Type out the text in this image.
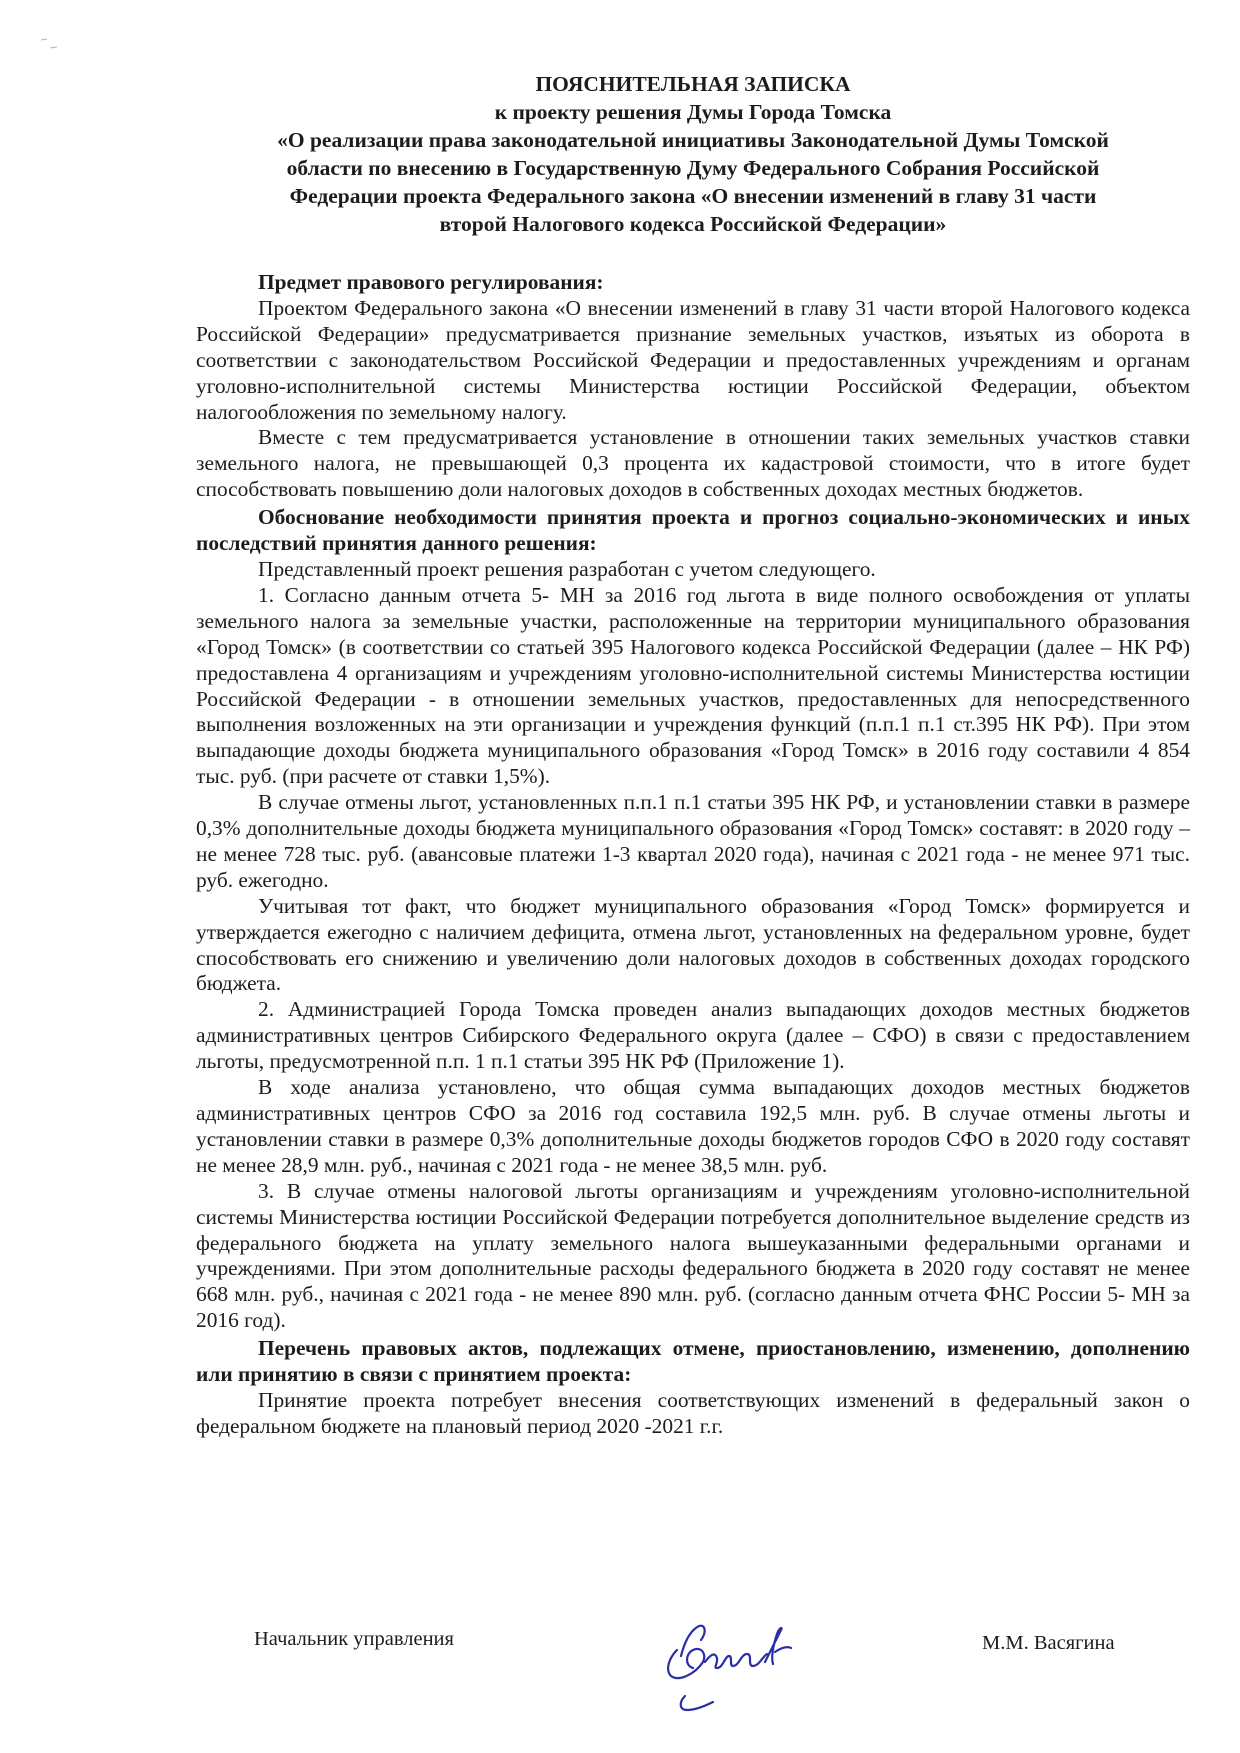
ПОЯСНИТЕЛЬНАЯ ЗАПИСКА
к проекту решения Думы Города Томска
«О реализации права законодательной инициативы Законодательной Думы Томской
области по внесению в Государственную Думу Федерального Собрания Российской
Федерации проекта Федерального закона «О внесении изменений в главу 31 части
второй Налогового кодекса Российской Федерации»

Предмет правового регулирования:

Проектом Федерального закона «О внесении изменений в главу 31 части второй Налогового кодекса Российской Федерации» предусматривается признание земельных участков, изъятых из оборота в соответствии с законодательством Российской Федерации и предоставленных учреждениям и органам уголовно-исполнительной системы Министерства юстиции Российской Федерации, объектом налогообложения по земельному налогу.

Вместе с тем предусматривается установление в отношении таких земельных участков ставки земельного налога, не превышающей 0,3 процента их кадастровой стоимости, что в итоге будет способствовать повышению доли налоговых доходов в собственных доходах местных бюджетов.

Обоснование необходимости принятия проекта и прогноз социально-экономических и иных последствий принятия данного решения:

Представленный проект решения разработан с учетом следующего.

1. Согласно данным отчета 5- МН за 2016 год льгота в виде полного освобождения от уплаты земельного налога за земельные участки, расположенные на территории муниципального образования «Город Томск» (в соответствии со статьей 395 Налогового кодекса Российской Федерации (далее – НК РФ) предоставлена 4 организациям и учреждениям уголовно-исполнительной системы Министерства юстиции Российской Федерации - в отношении земельных участков, предоставленных для непосредственного выполнения возложенных на эти организации и учреждения функций (п.п.1 п.1 ст.395 НК РФ). При этом выпадающие доходы бюджета муниципального образования «Город Томск» в 2016 году составили 4 854 тыс. руб. (при расчете от ставки 1,5%).

В случае отмены льгот, установленных п.п.1 п.1 статьи 395 НК РФ, и установлении ставки в размере 0,3% дополнительные доходы бюджета муниципального образования «Город Томск» составят: в 2020 году – не менее 728 тыс. руб. (авансовые платежи 1-3 квартал 2020 года), начиная с 2021 года - не менее 971 тыс. руб. ежегодно.

Учитывая тот факт, что бюджет муниципального образования «Город Томск» формируется и утверждается ежегодно с наличием дефицита, отмена льгот, установленных на федеральном уровне, будет способствовать его снижению и увеличению доли налоговых доходов в собственных доходах городского бюджета.

2. Администрацией Города Томска проведен анализ выпадающих доходов местных бюджетов административных центров Сибирского Федерального округа (далее – СФО) в связи с предоставлением льготы, предусмотренной п.п. 1 п.1 статьи 395 НК РФ (Приложение 1).

В ходе анализа установлено, что общая сумма выпадающих доходов местных бюджетов административных центров СФО за 2016 год составила 192,5 млн. руб. В случае отмены льготы и установлении ставки в размере 0,3% дополнительные доходы бюджетов городов СФО в 2020 году составят не менее 28,9 млн. руб., начиная с 2021 года - не менее 38,5 млн. руб.

3. В случае отмены налоговой льготы организациям и учреждениям уголовно-исполнительной системы Министерства юстиции Российской Федерации потребуется дополнительное выделение средств из федерального бюджета на уплату земельного налога вышеуказанными федеральными органами и учреждениями. При этом дополнительные расходы федерального бюджета в 2020 году составят не менее 668 млн. руб., начиная с 2021 года - не менее 890 млн. руб. (согласно данным отчета ФНС России 5- МН за 2016 год).

Перечень правовых актов, подлежащих отмене, приостановлению, изменению, дополнению или принятию в связи с принятием проекта:

Принятие проекта потребует внесения соответствующих изменений в федеральный закон о федеральном бюджете на плановый период 2020 -2021 г.г.

Начальник управления	М.М. Васягина
